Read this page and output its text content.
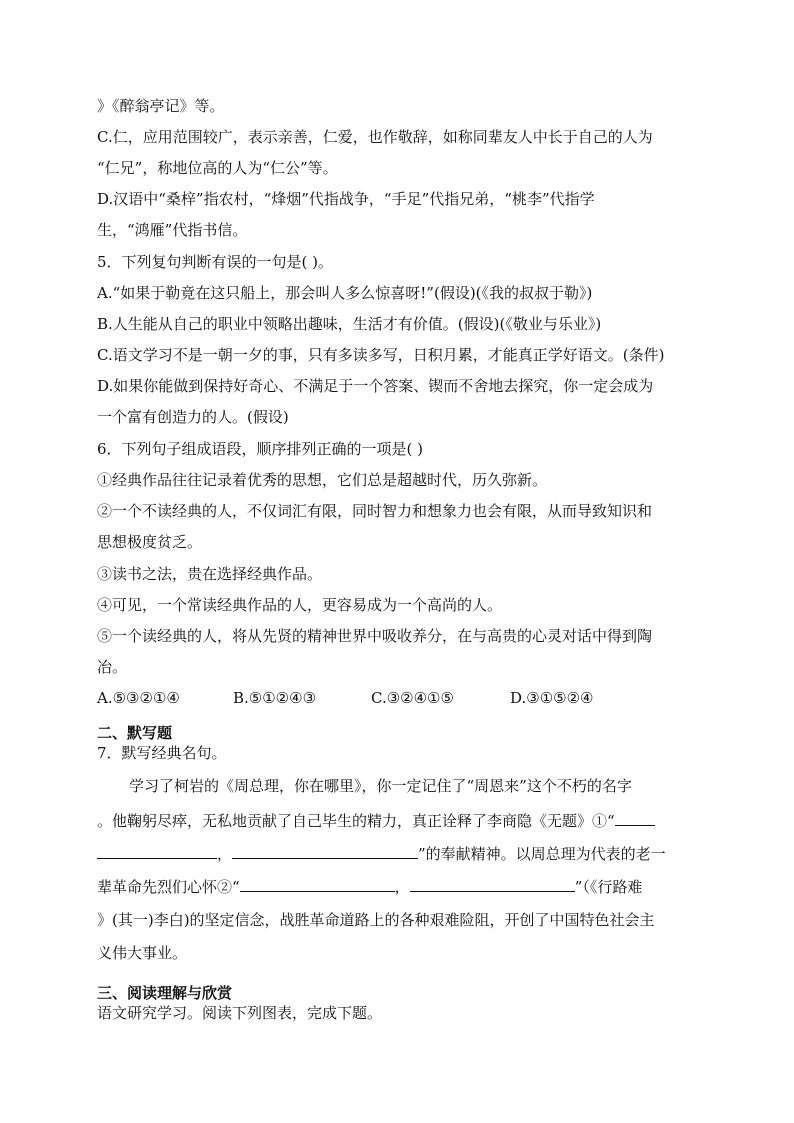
》《醉翁亭记》等。
C.仁，应用范围较广，表示亲善，仁爱，也作敬辞，如称同辈友人中长于自己的人为
“仁兄”，称地位高的人为“仁公”等。
D.汉语中“桑梓”指农村，“烽烟”代指战争，“手足”代指兄弟，“桃李”代指学
生，“鸿雁”代指书信。
5．下列复句判断有误的一句是( )。
A.“如果于勒竟在这只船上，那会叫人多么惊喜呀!”(假设)(《我的叔叔于勒》)
B.人生能从自己的职业中领略出趣味，生活才有价值。(假设)(《敬业与乐业》)
C.语文学习不是一朝一夕的事，只有多读多写，日积月累，才能真正学好语文。(条件)
D.如果你能做到保持好奇心、不满足于一个答案、锲而不舍地去探究，你一定会成为
一个富有创造力的人。(假设)
6．下列句子组成语段，顺序排列正确的一项是( )
①经典作品往往记录着优秀的思想，它们总是超越时代，历久弥新。
②一个不读经典的人，不仅词汇有限，同时智力和想象力也会有限，从而导致知识和
思想极度贫乏。
③读书之法，贵在选择经典作品。
④可见，一个常读经典作品的人，更容易成为一个高尚的人。
⑤一个读经典的人，将从先贤的精神世界中吸收养分，在与高贵的心灵对话中得到陶
冶。
A.⑤③②①④	B.⑤①②④③	C.③②④①⑤	D.③①⑤②④
二、默写题
7．默写经典名句。
学习了柯岩的《周总理，你在哪里》，你一定记住了“周恩来”这个不朽的名字
。他鞠躬尽瘁，无私地贡献了自己毕生的精力，真正诠释了李商隐《无题》①“
，	”的奉献精神。以周总理为代表的老一
辈革命先烈们心怀②“	，	”（《行路难
》(其一)李白)的坚定信念，战胜革命道路上的各种艰难险阻，开创了中国特色社会主
义伟大事业。
三、阅读理解与欣赏
语文研究学习。阅读下列图表，完成下题。
